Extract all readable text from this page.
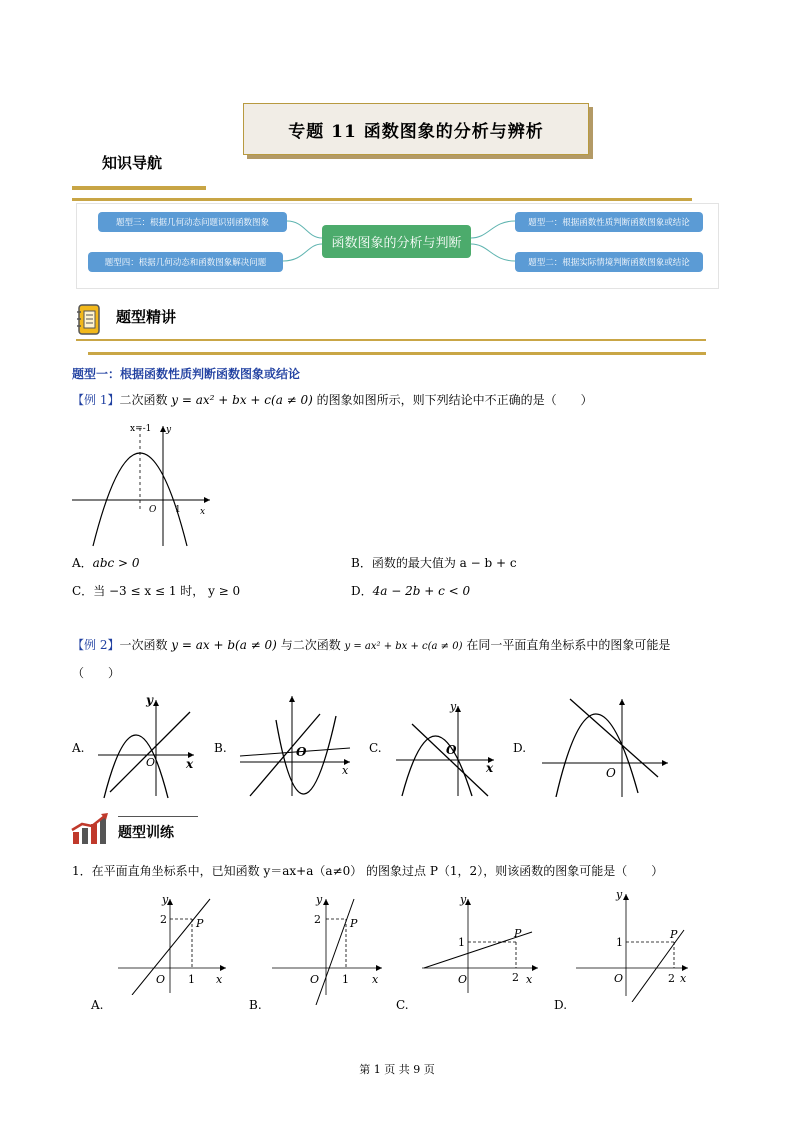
专题 11 函数图象的分析与辨析
知识导航
题型三：根据几何动态问题识别函数图象
题型四：根据几何动态和函数图象解决问题
函数图象的分析与判断
题型一：根据函数性质判断函数图象或结论
题型二：根据实际情境判断函数图象或结论
题型精讲
题型一：根据函数性质判断函数图象或结论
【例 1】二次函数 y = ax² + bx + c(a ≠ 0) 的图象如图所示，则下列结论中不正确的是（　　）
x=-1 y
x
O 1
A．abc > 0	B．函数的最大值为 a − b + c
C．当 −3 ≤ x ≤ 1 时， y ≥ 0	D．4a − 2b + c < 0
【例 2】一次函数 y = ax + b(a ≠ 0) 与二次函数 y = ax² + bx + c(a ≠ 0) 在同一平面直角坐标系中的图象可能是
（　　）
A.
y
x
O
B.	O
x
C.
y
x
O	D.
O
题型训练
1．在平面直角坐标系中，已知函数 y＝ax+a（a≠0） 的图象过点 P（1，2），则该函数的图象可能是（　　）
y
2	P
O 1 x
A.
y
2	P
O 1 x
B.
y
1
P
O	2 x
C.
y
1
P
O	2 x
D.
第 1 页 共 9 页
